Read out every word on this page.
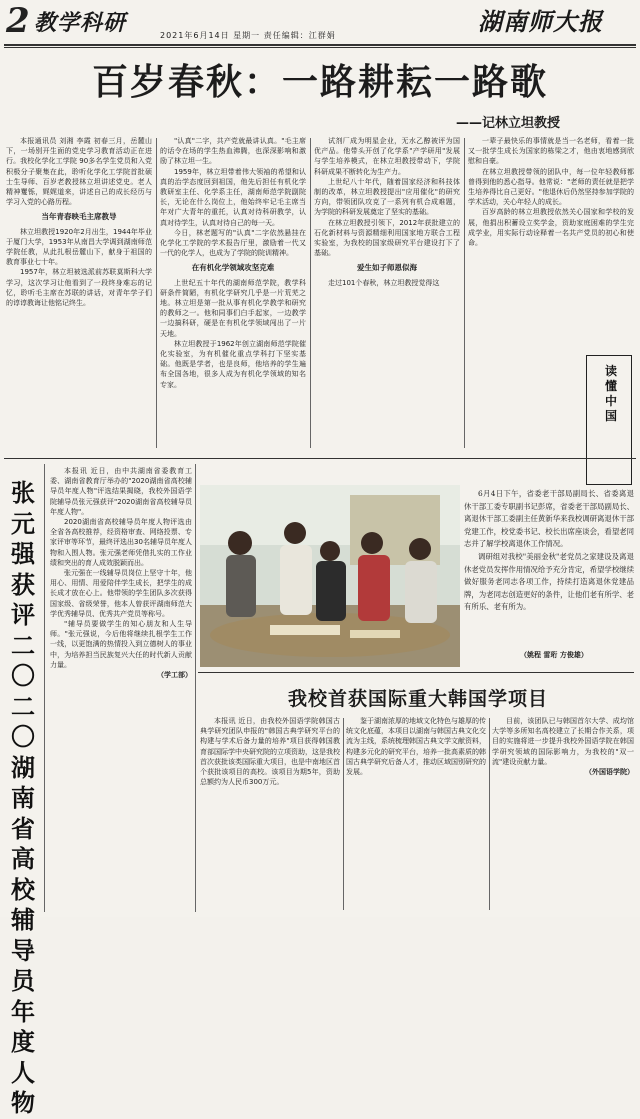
2 教学科研	2021年6月14日 星期一 责任编辑：江群娟	湖南师大报
百岁春秋：一路耕耘一路歌
——记林立坦教授

本报通讯员 刘湘 李霞 初春三月，岳麓山下，一场别开生面的党史学习教育活动正在进行。我校化学化工学院 90多名学生党员和入党积极分子聚集在此，聆听化学化工学院首批硕士生导师、百岁老教授林立坦讲述党史。老人精神矍铄，娓娓道来，讲述自己的成长经历与学习入党的心路历程。

当年青春映毛主席教导

林立坦教授1920年2月出生，1944年毕业于厦门大学，1953年从南昌大学调到湖南师范学院任教，从此扎根岳麓山下，献身于祖国的教育事业七十年。

1957年，林立坦被选派前苏联莫斯科大学学习，这次学习让他看到了一段终身难忘的记忆，聆听毛主席在苏联的讲话，对青年学子们的谆谆教诲让他铭记终生。

"认真"二字，共产党就最讲认真。"毛主席的话令在场的学生热血沸腾，也深深影响和激励了林立坦一生。

1959年，林立坦带着伟大领袖的希望和认真的治学态度回到祖国，他先后担任有机化学教研室主任、化学系主任，湖南师范学院副院长，无论在什么岗位上，他始终牢记毛主席当年对广大青年的重托，认真对待科研教学，认真对待学生，认真对待自己的每一天。

今日，林老题写的"认真"二字依然悬挂在化学化工学院的学术报告厅里，激励着一代又一代的化学人，也成为了学院的院训精神。

在有机化学领域攻坚克难

上世纪五十年代的湖南师范学院，教学科研条件简陋，有机化学研究几乎是一片荒芜之地。林立坦是第一批从事有机化学教学和研究的教师之一。他和同事们白手起家，一边教学一边搞科研，硬是在有机化学领域闯出了一片天地。

林立坦教授于1962年创立湖南师范学院催化实验室，为有机催化重点学科打下坚实基础。他既是学者，也是良师，他培养的学生遍布全国各地，很多人成为有机化学领域的知名专家。

试剂厂成为明星企业，无水乙醇被评为国优产品。他带头开创了化学系"产学研用"发展与学生培养模式，在林立坦教授带动下，学院科研成果不断转化为生产力。

上世纪八十年代，随着国家经济和科技体制的改革，林立坦教授提出"应用催化"的研究方向，带领团队攻克了一系列有机合成难题，为学院的科研发展奠定了坚实的基础。

在林立坦教授引领下，2012年获批建立的石化新材料与资源精细利用国家地方联合工程实验室，为我校的国家级研究平台建设打下了基础。

爱生如子师恩似海

走过101个春秋，林立坦教授觉得这

一辈子最快乐的事情就是当一名老师，看着一批又一批学生成长为国家的栋梁之才，他由衷地感到欣慰和自豪。

在林立坦教授带领的团队中，每一位年轻教师都曾得到他的悉心指导。他常说："老师的责任就是把学生培养得比自己更好。"他退休后仍然坚持参加学院的学术活动，关心年轻人的成长。

百岁高龄的林立坦教授依然关心国家和学校的发展，他捐出积蓄设立奖学金，资助家庭困难的学生完成学业，用实际行动诠释着一名共产党员的初心和使命。

读懂中国
张元强获评二〇二〇湖南省高校辅导员年度人物

本报讯 近日，由中共湖南省委教育工委、湖南省教育厅举办的"2020湖南省高校辅导员年度人物"评选结果揭晓，我校外国语学院辅导员张元强获评"2020湖南省高校辅导员年度人物"。

2020湖南省高校辅导员年度人物评选由全省各高校推荐，经资格审查、网络投票、专家评审等环节，最终评选出30名辅导员年度人物和入围人物。张元强老师凭借扎实的工作业绩和突出的育人成效脱颖而出。

张元强在一线辅导员岗位上坚守十年，他用心、用情、用爱陪伴学生成长，把学生的成长成才放在心上。他带领的学生团队多次获得国家级、省级荣誉，他本人曾获评湖南师范大学优秀辅导员、优秀共产党员等称号。

"辅导员要做学生的知心朋友和人生导师。"张元强说，今后他将继续扎根学生工作一线，以更饱满的热情投入到立德树人的事业中，为培养担当民族复兴大任的时代新人贡献力量。

（学工部）

6月4日下午，省委老干部局副局长、省委离退休干部工委专职副书记彭席，省委老干部局副局长、离退休干部工委副主任黄新华来我校调研离退休干部党建工作，校党委书记、校长出席座谈会，看望老同志并了解学校离退休工作情况。

调研组对我校"美丽金秋"老党员之家建设及离退休老党员发挥作用情况给予充分肯定，希望学校继续做好服务老同志各项工作，持续打造离退休党建品牌，为老同志创造更好的条件，让他们老有所学、老有所乐、老有所为。

（姚程 雷珩 方俊雄）
我校首获国际重大韩国学项目

本报讯 近日，由我校外国语学院韩国古典学研究团队申报的"韩国古典学研究平台的构建与学术后备力量的培养"项目获得韩国教育部国际学中央研究院的立项资助，这是我校首次获批该类国际重大项目，也是中南地区首个获批该项目的高校。该项目为期5年，资助总额约为人民币300万元。

鉴于湖南浓厚的地域文化特色与雄厚的传统文化底蕴，本项目以湖南与韩国古典文化交流为主线，系统梳理韩国古典文学文献资料，构建多元化的研究平台，培养一批高素质的韩国古典学研究后备人才，推动区域国别研究的发展。

目前，该团队已与韩国首尔大学、成均馆大学等多所知名高校建立了长期合作关系，项目的实施将进一步提升我校外国语学院在韩国学研究领域的国际影响力，为我校的"双一流"建设贡献力量。

（外国语学院）
